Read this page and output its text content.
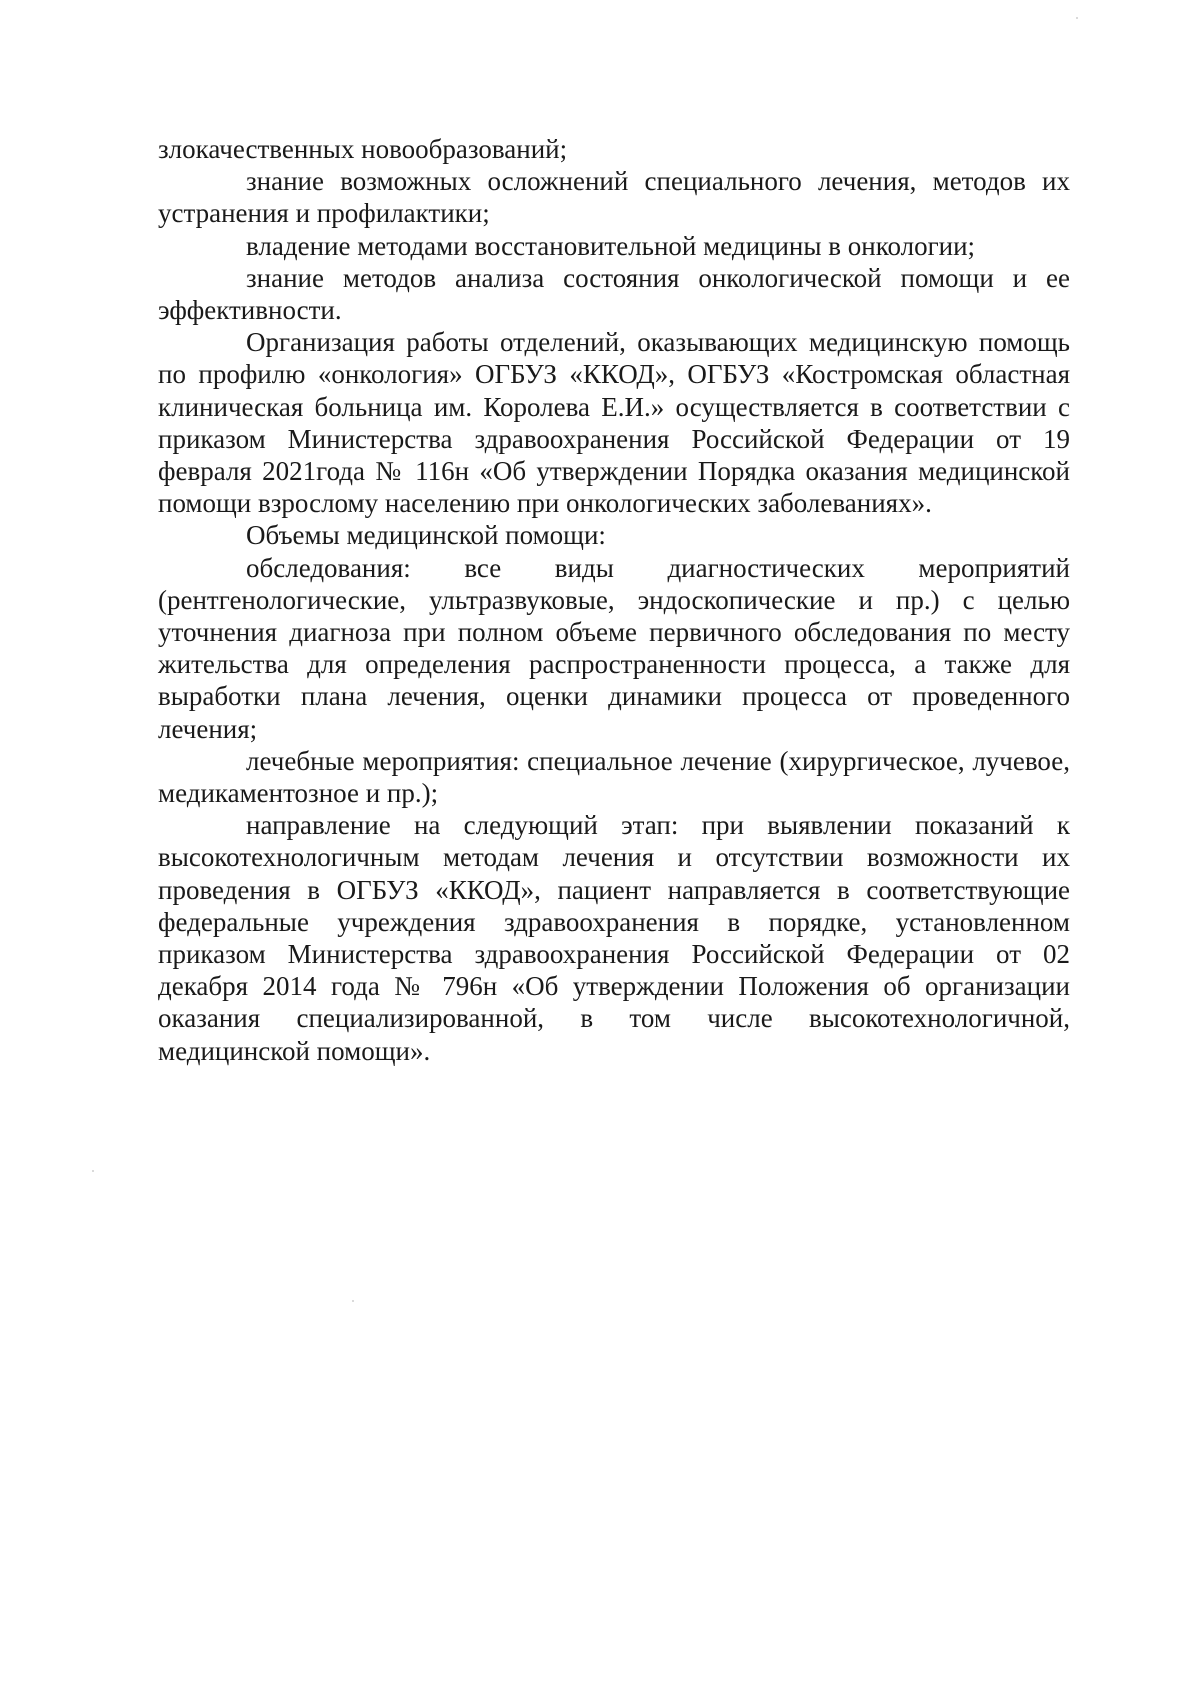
злокачественных новообразований;

знание возможных осложнений специального лечения, методов их устранения и профилактики;

владение методами восстановительной медицины в онкологии;

знание методов анализа состояния онкологической помощи и ее эффективности.

Организация работы отделений, оказывающих медицинскую помощь по профилю «онкология» ОГБУЗ «ККОД», ОГБУЗ «Костромская областная клиническая больница им. Королева Е.И.» осуществляется в соответствии с приказом Министерства здравоохранения Российской Федерации от 19 февраля 2021года № 116н «Об утверждении Порядка оказания медицинской помощи взрослому населению при онкологических заболеваниях».

Объемы медицинской помощи:

обследования: все виды диагностических мероприятий (рентгенологические, ультразвуковые, эндоскопические и пр.) с целью уточнения диагноза при полном объеме первичного обследования по месту жительства для определения распространенности процесса, а также для выработки плана лечения, оценки динамики процесса от проведенного лечения;

лечебные мероприятия: специальное лечение (хирургическое, лучевое, медикаментозное и пр.);

направление на следующий этап: при выявлении показаний к высокотехнологичным методам лечения и отсутствии возможности их проведения в ОГБУЗ «ККОД», пациент направляется в соответствующие федеральные учреждения здравоохранения в порядке, установленном приказом Министерства здравоохранения Российской Федерации от 02 декабря 2014 года № 796н «Об утверждении Положения об организации оказания специализированной, в том числе высокотехнологичной, медицинской помощи».
